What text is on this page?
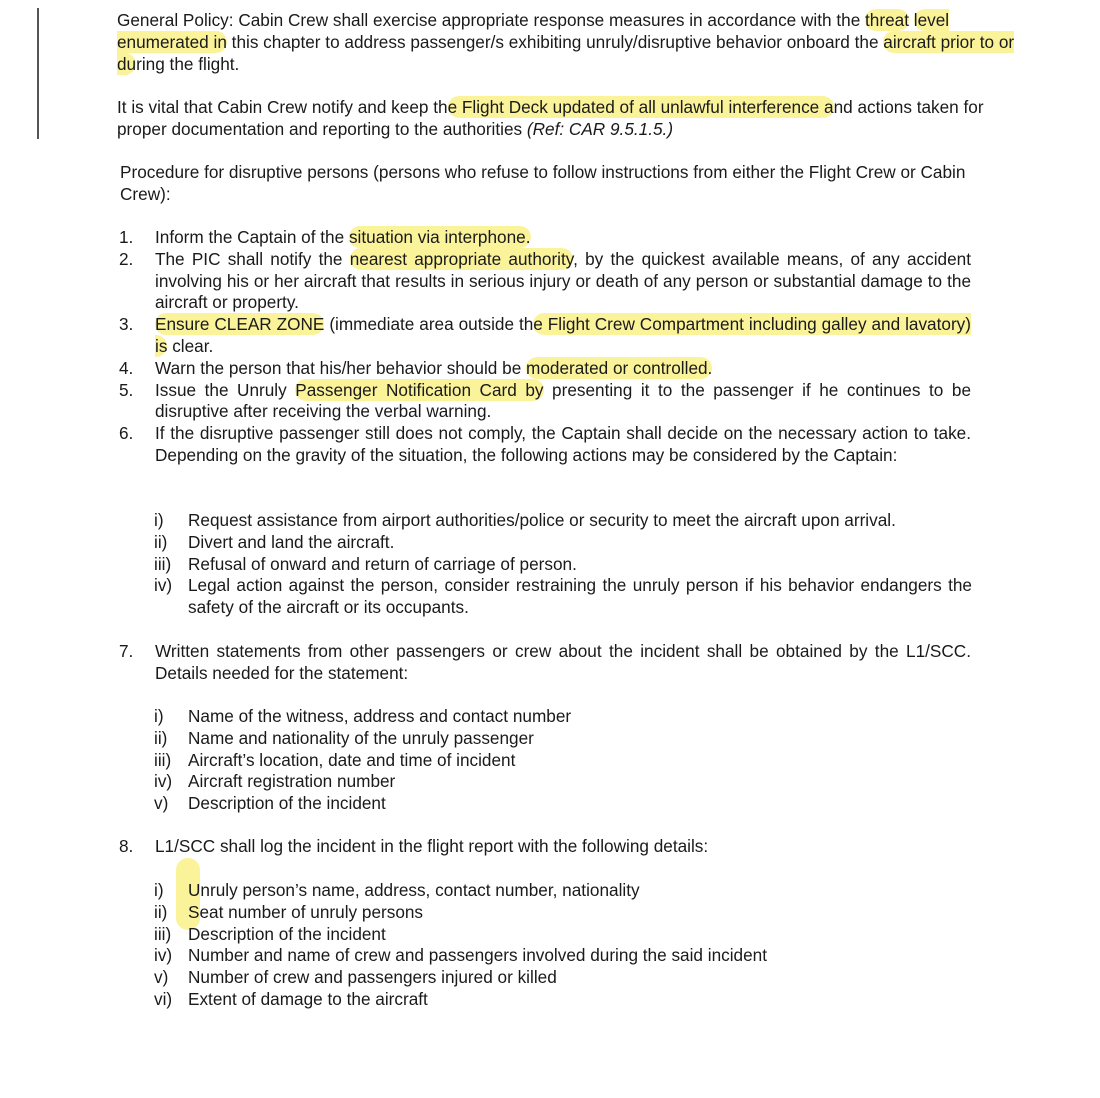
General Policy: Cabin Crew shall exercise appropriate response measures in accordance with the threat level enumerated in this chapter to address passenger/s exhibiting unruly/disruptive behavior onboard the aircraft prior to or during the flight.

It is vital that Cabin Crew notify and keep the Flight Deck updated of all unlawful interference and actions taken for proper documentation and reporting to the authorities (Ref: CAR 9.5.1.5.)

Procedure for disruptive persons (persons who refuse to follow instructions from either the Flight Crew or Cabin Crew):

1.	Inform the Captain of the situation via interphone.
2.	The PIC shall notify the nearest appropriate authority, by the quickest available means, of any accident involving his or her aircraft that results in serious injury or death of any person or substantial damage to the aircraft or property.
3.	Ensure CLEAR ZONE (immediate area outside the Flight Crew Compartment including galley and lavatory) is clear.
4.	Warn the person that his/her behavior should be moderated or controlled.
5.	Issue the Unruly Passenger Notification Card by presenting it to the passenger if he continues to be disruptive after receiving the verbal warning.
6.	If the disruptive passenger still does not comply, the Captain shall decide on the necessary action to take. Depending on the gravity of the situation, the following actions may be considered by the Captain:
i)	Request assistance from airport authorities/police or security to meet the aircraft upon arrival.
ii)	Divert and land the aircraft.
iii) Refusal of onward and return of carriage of person.
iv) Legal action against the person, consider restraining the unruly person if his behavior endangers the safety of the aircraft or its occupants.
7.	Written statements from other passengers or crew about the incident shall be obtained by the L1/SCC. Details needed for the statement:
i)	Name of the witness, address and contact number
ii)	Name and nationality of the unruly passenger
iii) Aircraft’s location, date and time of incident
iv) Aircraft registration number
v)	Description of the incident
8.	L1/SCC shall log the incident in the flight report with the following details:
i)	Unruly person’s name, address, contact number, nationality
ii)	Seat number of unruly persons
iii) Description of the incident
iv) Number and name of crew and passengers involved during the said incident
v)	Number of crew and passengers injured or killed
vi) Extent of damage to the aircraft
